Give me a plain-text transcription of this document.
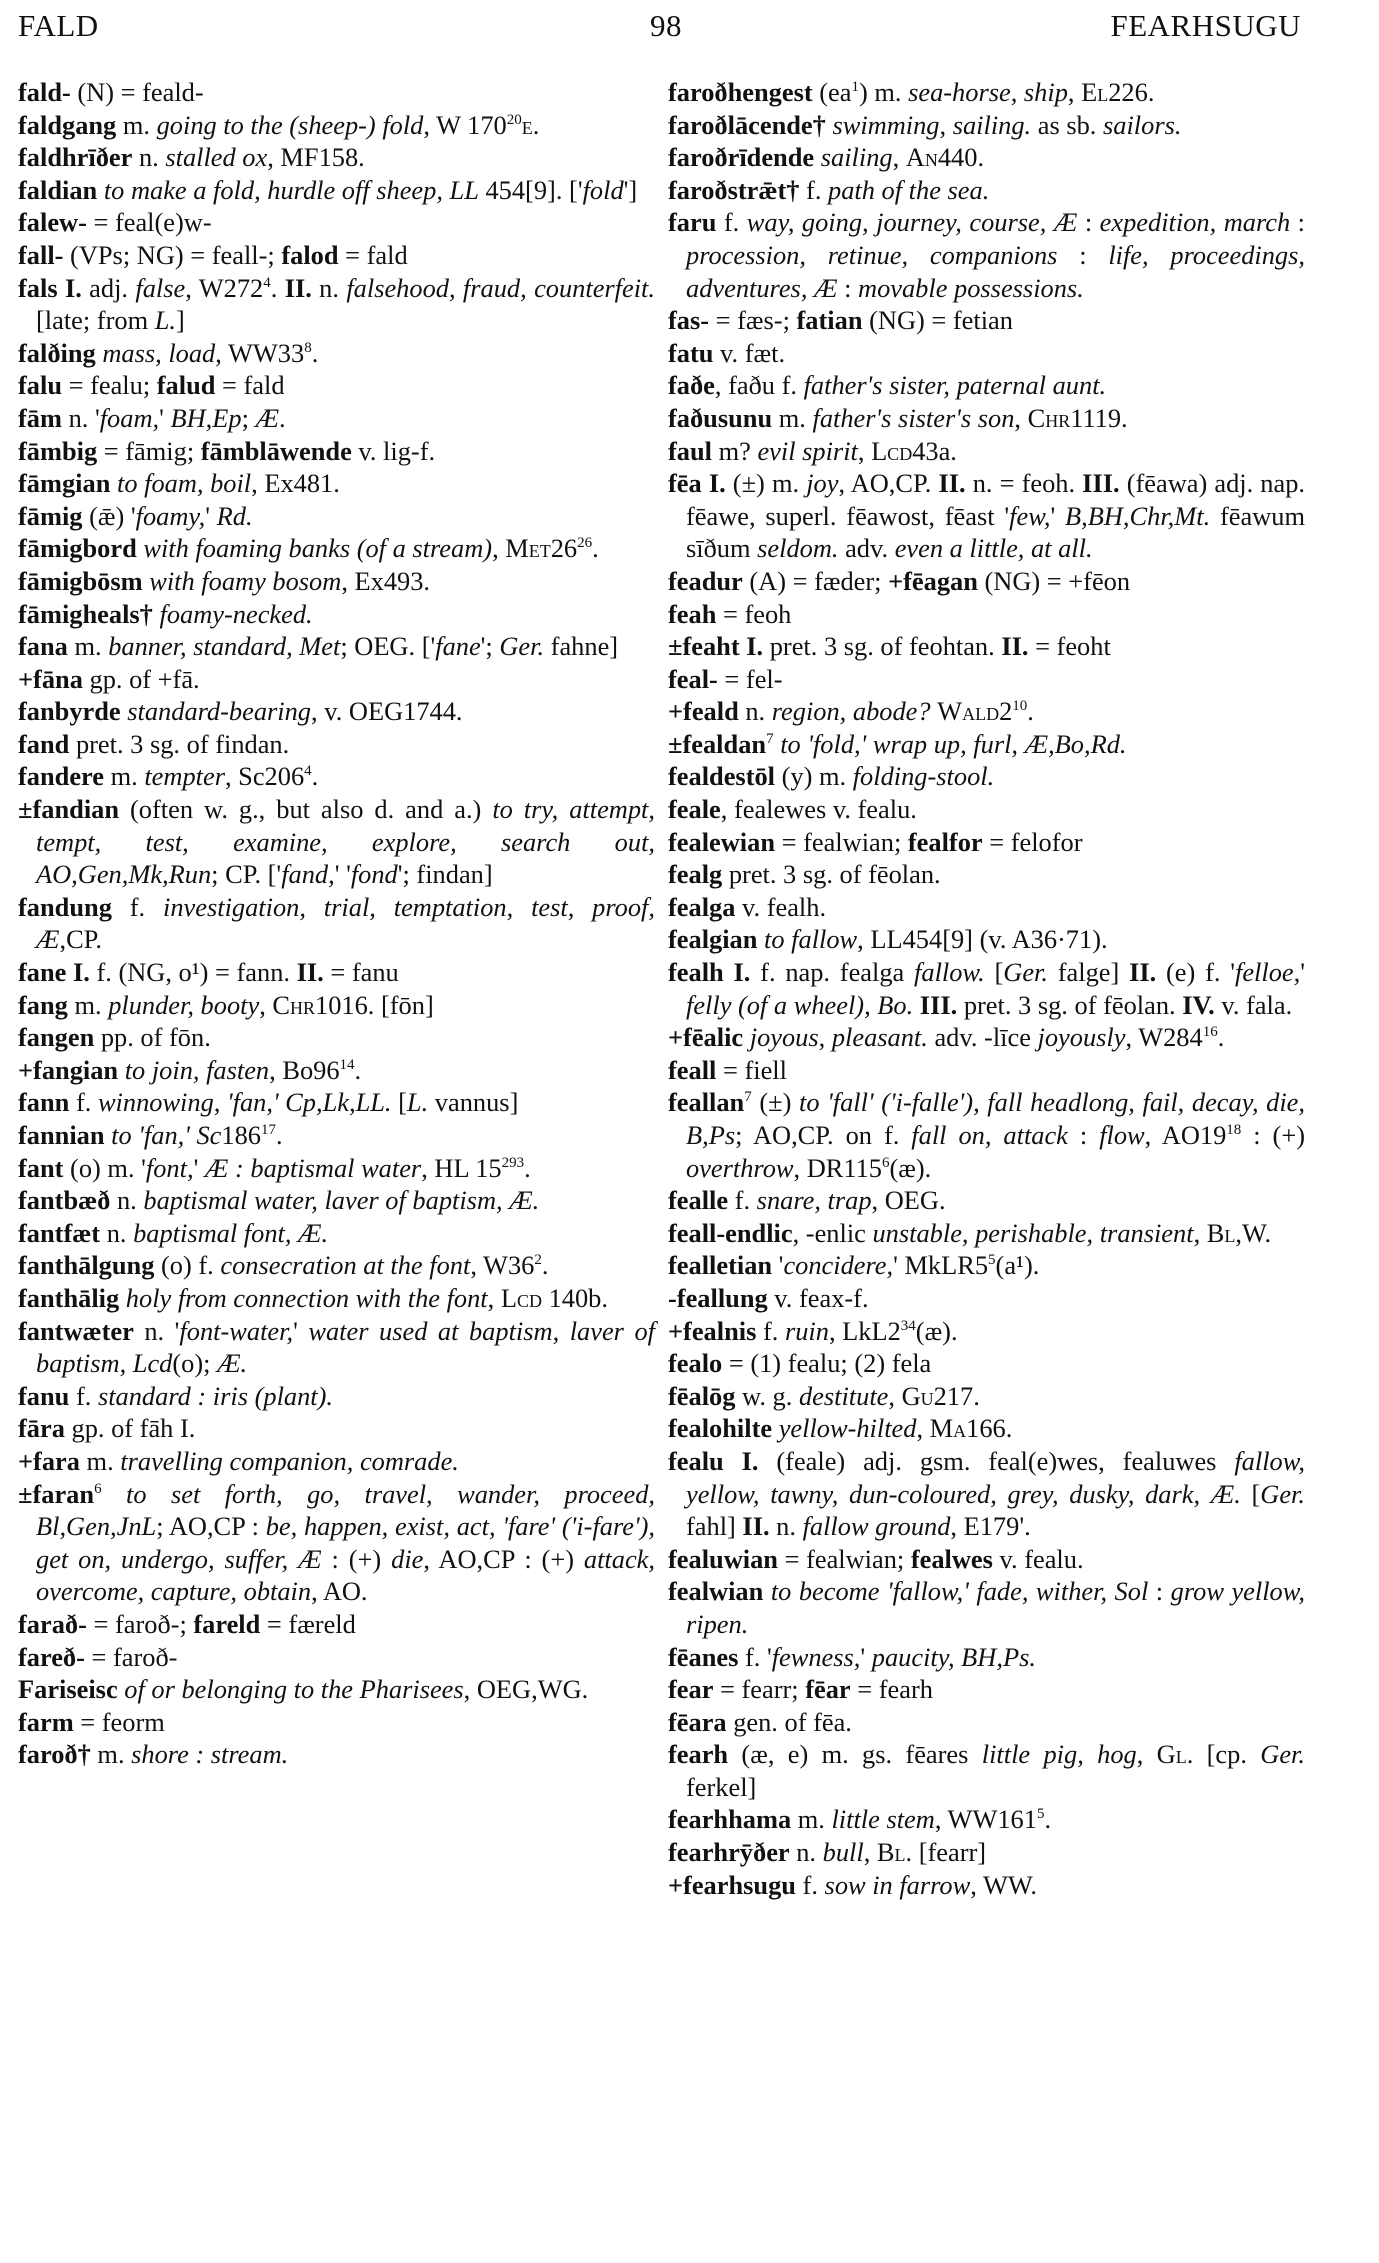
FALD	98	FEARHSUGU
fald- (N) = feald-
faldgang m. going to the (sheep-) fold, W $170^{20}e$.
faldhrīðer n. stalled ox, MF158.
faldian to make a fold, hurdle off sheep, LL 454[9]. ['fold']
falew- = feal(e)w-
fall- (VPs; NG) = feall-; falod = fald
fals I. adj. false, $W272^4$. II. n. falsehood, fraud, counterfeit. [late; from L.]
falðing mass, load, $WW33^8$.
falu = fealu; falud = fald
fām n. 'foam,' BH,Ep; Æ.
fāmbig = fāmig; fāmblāwende v. lig-f.
fāmgian to foam, boil, Ex481.
fāmig (ǣ) 'foamy,' Rd.
fāmigbord with foaming banks (of a stream), $Met26^{26}$.
fāmigbōsm with foamy bosom, Ex493.
fāmigheals† foamy-necked.
fana m. banner, standard, Met; OEG. ['fane'; Ger. fahne]
+fāna gp. of +fā.
fanbyrde standard-bearing, v. OEG1744.
fand pret. 3 sg. of findan.
fandere m. tempter, $Sc206^4$.
±fandian (often w. g., but also d. and a.) to try, attempt, tempt, test, examine, explore, search out, AO,Gen,Mk,Run; CP. ['fand,' 'fond'; findan]
fandung f. investigation, trial, temptation, test, proof, Æ,CP.
fane I. f. (NG, o¹) = fann. II. = fanu
fang m. plunder, booty, Chr1016. [fōn]
fangen pp. of fōn.
+fangian to join, fasten, $Bo96^{14}$.
fann f. winnowing, 'fan,' Cp,Lk,LL. [L. vannus]
fannian to 'fan,' $Sc186^{17}$.
fant (o) m. 'font,' Æ : baptismal water, HL $15^{293}$.
fantbæð n. baptismal water, laver of baptism, Æ.
fantfæt n. baptismal font, Æ.
fanthālgung (o) f. consecration at the font, $W36^2$.
fanthālig holy from connection with the font, Lcd 140b.
fantwæter n. 'font-water,' water used at baptism, laver of baptism, Lcd(o); Æ.
fanu f. standard : iris (plant).
fāra gp. of fāh I.
+fara m. travelling companion, comrade.
±faran$^6$ to set forth, go, travel, wander, proceed, Bl,Gen,JnL; AO,CP : be, happen, exist, act, 'fare' ('i-fare'), get on, undergo, suffer, Æ : (+) die, AO,CP : (+) attack, overcome, capture, obtain, AO.
farað- = faroð-; fareld = færeld
fareð- = faroð-
Fariseisc of or belonging to the Pharisees, OEG,WG.
farm = feorm
faroð† m. shore : stream.
faroðhengest $(ea^1)$ m. sea-horse, ship, El226.
faroðlācende† swimming, sailing. as sb. sailors.
faroðrīdende sailing, An440.
faroðstrǣt† f. path of the sea.
faru f. way, going, journey, course, Æ : expedition, march : procession, retinue, companions : life, proceedings, adventures, Æ : movable possessions.
fas- = fæs-; fatian (NG) = fetian
fatu v. fæt.
faðe, faðu f. father's sister, paternal aunt.
faðusunu m. father's sister's son, Chr1119.
faul m? evil spirit, Lcd43a.
fēa I. (±) m. joy, AO,CP. II. n. = feoh. III. (fēawa) adj. nap. fēawe, superl. fēawost, fēast 'few,' B,BH,Chr,Mt. fēawum sīðum seldom. adv. even a little, at all.
feadur (A) = fæder; +fēagan (NG) = +fēon
feah = feoh
±feaht I. pret. 3 sg. of feohtan. II. = feoht
feal- = fel-
+feald n. region, abode? $Wald2^{10}$.
±fealdan$^7$ to 'fold,' wrap up, furl, Æ,Bo,Rd.
fealdestōl (y) m. folding-stool.
feale, fealewes v. fealu.
fealewian = fealwian; fealfor = felofor
fealg pret. 3 sg. of fēolan.
fealga v. fealh.
fealgian to fallow, LL454[9] (v. A36·71).
fealh I. f. nap. fealga fallow. [Ger. falge] II. (e) f. 'felloe,' felly (of a wheel), Bo. III. pret. 3 sg. of fēolan. IV. v. fala.
+fēalic joyous, pleasant. adv. -līce joyously, $W284^{16}$.
feall = fiell
feallan$^7$ (±) to 'fall' ('i-falle'), fall headlong, fail, decay, die, B,Ps; AO,CP. on f. fall on, attack : flow, $AO19^{18}$ : (+) overthrow, $DR115^6(æ)$.
fealle f. snare, trap, OEG.
feall-endlic, -enlic unstable, perishable, transient, Bl,W.
fealletian 'concidere,' $MkLR5^5(a^1)$.
-feallung v. feax-f.
+fealnis f. ruin, $LkL2^{34}(æ)$.
fealo = (1) fealu; (2) fela
fēalōg w. g. destitute, Gu217.
fealohilte yellow-hilted, Ma166.
fealu I. (feale) adj. gsm. feal(e)wes, fealuwes fallow, yellow, tawny, dun-coloured, grey, dusky, dark, Æ. [Ger. fahl] II. n. fallow ground, E179'.
fealuwian = fealwian; fealwes v. fealu.
fealwian to become 'fallow,' fade, wither, Sol : grow yellow, ripen.
fēanes f. 'fewness,' paucity, BH,Ps.
fear = fearr; fēar = fearh
fēara gen. of fēa.
fearh (æ, e) m. gs. fēares little pig, hog, Gl. [cp. Ger. ferkel]
fearhhama m. little stem, $WW161^5$.
fearhrȳðer n. bull, Bl. [fearr]
+fearhsugu f. sow in farrow, WW.
